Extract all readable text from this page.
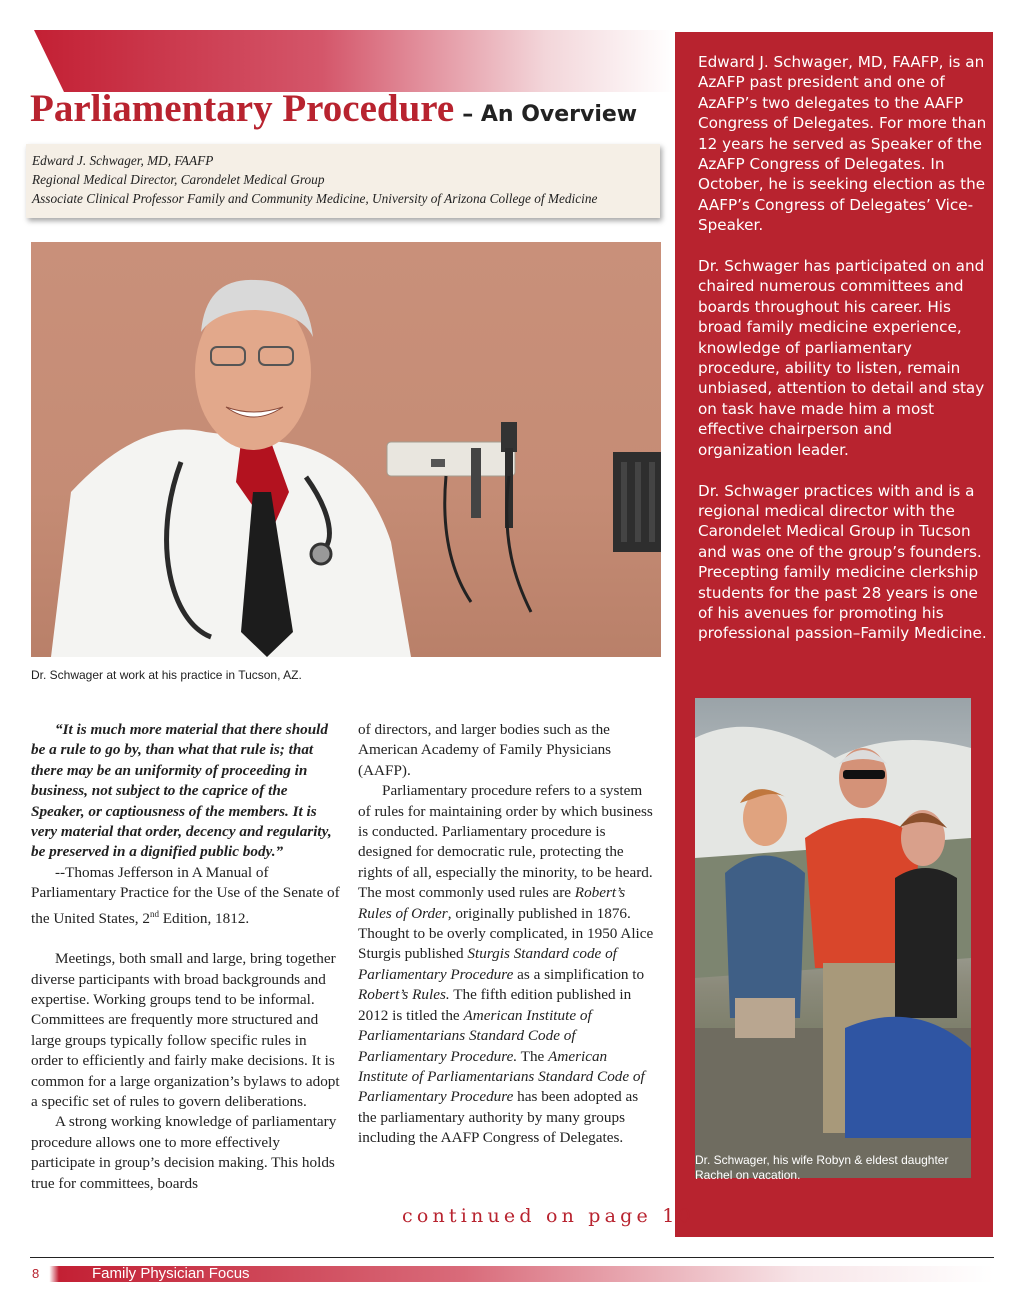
Parliamentary Procedure – An Overview
Edward J. Schwager, MD, FAAFP
Regional Medical Director, Carondelet Medical Group
Associate Clinical Professor Family and Community Medicine, University of Arizona College of Medicine
Dr. Schwager at work at his practice in Tucson, AZ.

Edward J. Schwager, MD, FAAFP, is an AzAFP past president and one of AzAFP’s two delegates to the AAFP Congress of Delegates. For more than 12 years he served as Speaker of the AzAFP Congress of Delegates. In October, he is seeking election as the AAFP’s Congress of Delegates’ Vice-Speaker.

Dr. Schwager has participated on and chaired numerous committees and boards throughout his career. His broad family medicine experience, knowledge of parliamentary procedure, ability to listen, remain unbiased, attention to detail and stay on task have made him a most effective chairperson and organization leader.

Dr. Schwager practices with and is a regional medical director with the Carondelet Medical Group in Tucson and was one of the group’s founders. Precepting family medicine clerkship students for the past 28 years is one of his avenues for promoting his professional passion–Family Medicine.

Dr. Schwager, his wife Robyn & eldest daughter Rachel on vacation.

“It is much more material that there should be a rule to go by, than what that rule is; that there may be an uniformity of proceeding in business, not subject to the caprice of the Speaker, or captiousness of the members. It is very material that order, decency and regularity, be preserved in a dignified public body.”

--Thomas Jefferson in A Manual of Parliamentary Practice for the Use of the Senate of the United States, 2nd Edition, 1812.

Meetings, both small and large, bring together diverse participants with broad backgrounds and expertise. Working groups tend to be informal. Committees are frequently more structured and large groups typically follow specific rules in order to efficiently and fairly make decisions. It is common for a large organization’s bylaws to adopt a specific set of rules to govern deliberations.

A strong working knowledge of parliamentary procedure allows one to more effectively participate in group’s decision making. This holds true for committees, boards

of directors, and larger bodies such as the American Academy of Family Physicians (AAFP).

Parliamentary procedure refers to a system of rules for maintaining order by which business is conducted. Parliamentary procedure is designed for democratic rule, protecting the rights of all, especially the minority, to be heard. The most commonly used rules are Robert’s Rules of Order, originally published in 1876. Thought to be overly complicated, in 1950 Alice Sturgis published Sturgis Standard code of Parliamentary Procedure as a simplification to Robert’s Rules. The fifth edition published in 2012 is titled the American Institute of Parliamentarians Standard Code of Parliamentary Procedure. The American Institute of Parliamentarians Standard Code of Parliamentary Procedure has been adopted as the parliamentary authority by many groups including the AAFP Congress of Delegates.

continued on page 10
8	Family Physician Focus
